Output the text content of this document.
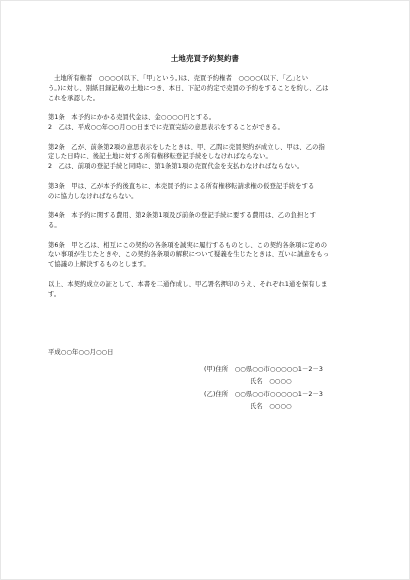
土地売買予約契約書
土地所有権者　○○○○(以下、｢甲｣という。)は、売買予約権者　○○○○(以下、｢乙｣とい
う。)に対し、別紙目録記載の土地につき、本日、下記の約定で売買の予約をすることを約し、乙は
これを承認した。
第1条　本予約にかかる売買代金は、金○○○○円とする。
2　乙は、平成○○年○○月○○日までに売買完結の意思表示をすることができる。
第2条　乙が、前条第2項の意思表示をしたときは、甲、乙間に売買契約が成立し、甲は、乙の指
定した日時に、後記土地に対する所有権移転登記手続をしなければならない。
2　乙は、前項の登記手続と同時に、第1条第1項の売買代金を支払わなければならない。
第3条　甲は、乙が本予約後直ちに、本売買予約による所有権移転請求権の仮登記手続をする
のに協力しなければならない。
第4条　本予約に関する費用、第2条第1項及び前条の登記手続に要する費用は、乙の負担とす
る。
第6条　甲と乙は、相互にこの契約の各条項を誠実に履行するものとし、この契約各条項に定めの
ない事項が生じたときや、この契約各条項の解釈について疑義を生じたときは、互いに誠意をもっ
て協議の上解決するものとします。
以上、本契約成立の証として、本書を二通作成し、甲乙署名押印のうえ、それぞれ1通を保有しま
す。
平成○○年○○月○○日
(甲)住所　○○県○○市○○○○○1－2－3
氏名　○○○○
(乙)住所　○○県○○市○○○○○1－2－3
氏名　○○○○
